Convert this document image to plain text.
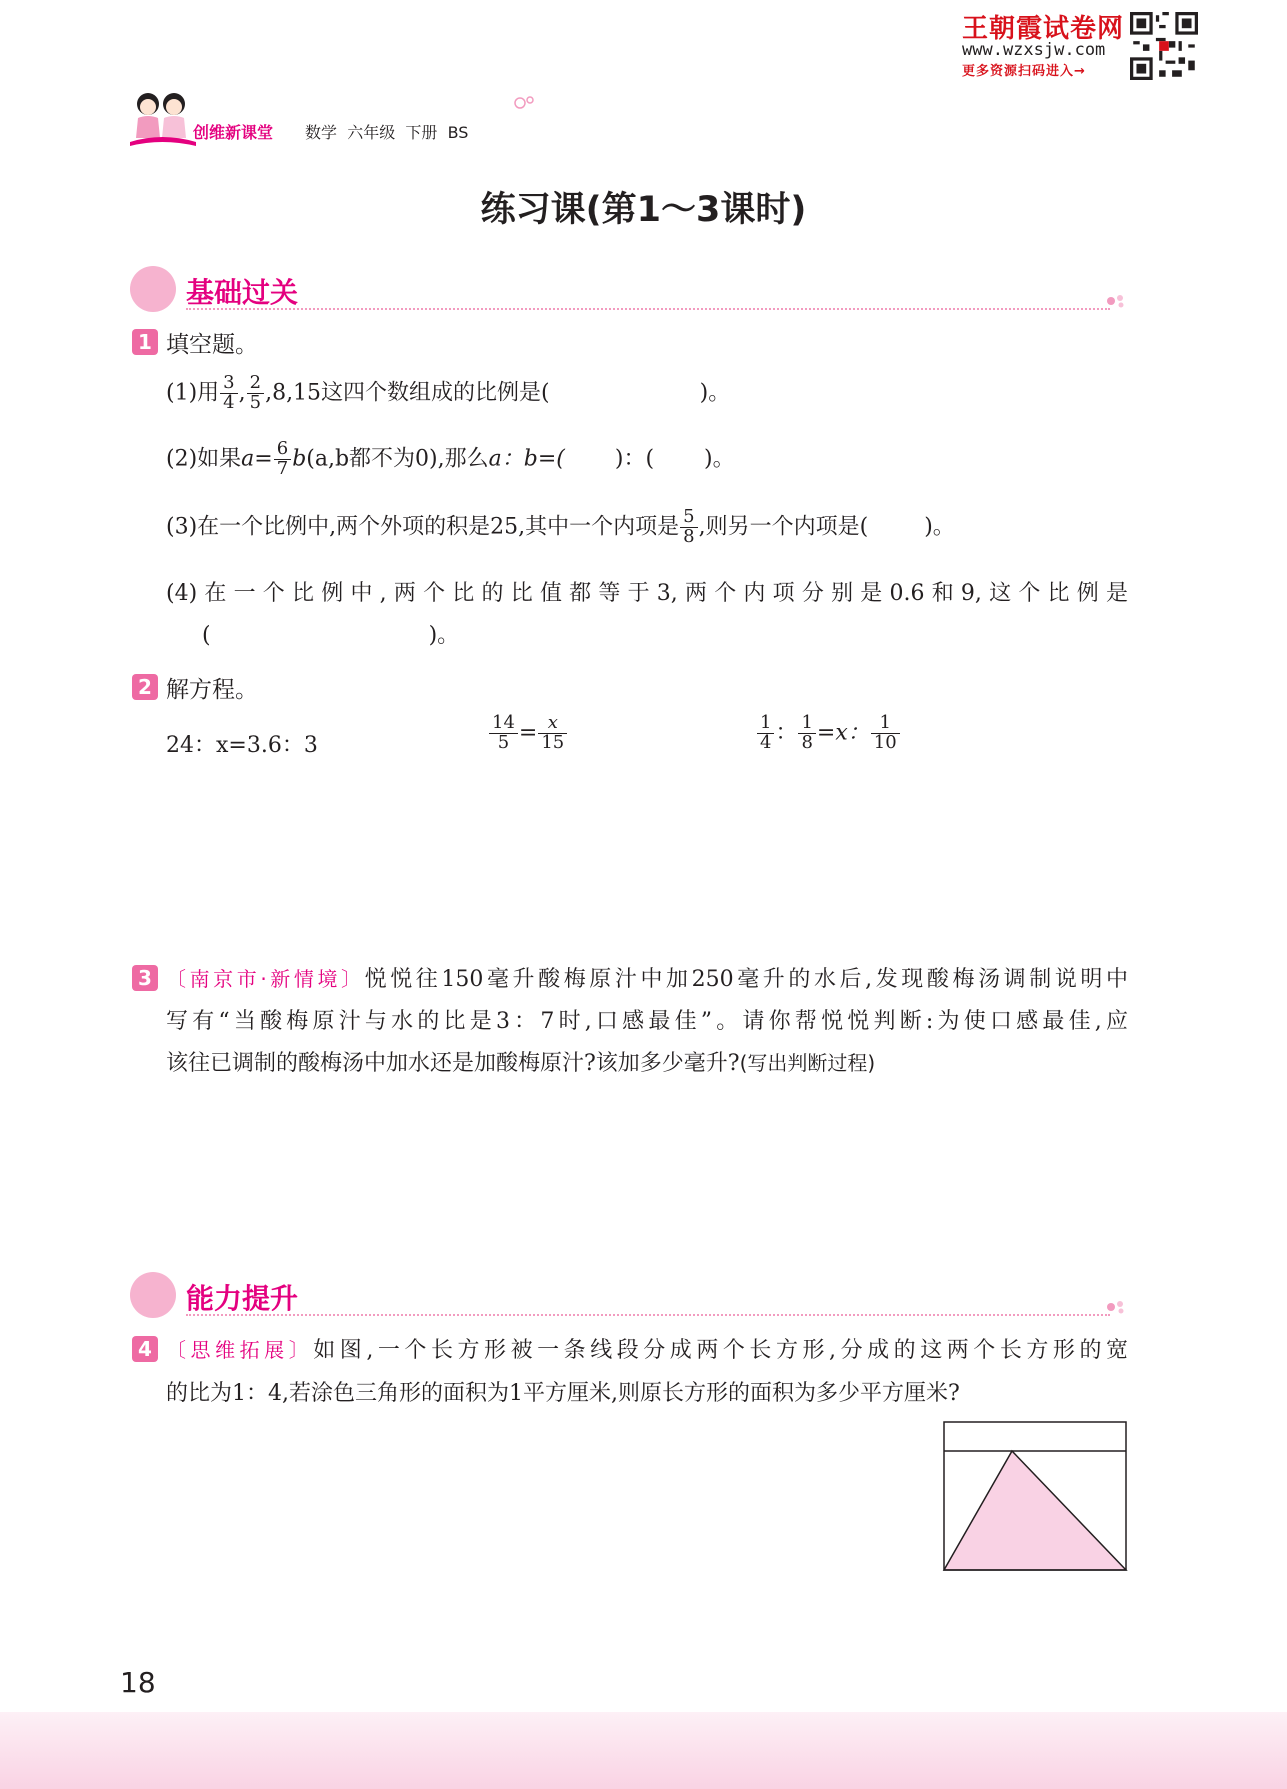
王朝霞试卷网
www.wzxsjw.com
更多资源扫码进入→
创维新课堂 数学 六年级 下册 BS
练习课(第1～3课时)
基础过关
1 填空题。
(1)用 $\frac{3}{4}$ , $\frac{2}{5} ,8,15$这四个数组成的比例是(	)。
(2)如果$a= \frac{6}{7} b(a,b$都不为0),那么a：b=( )：( )。
(3)在一个比例中,两个外项的积是25,其中一个内项是 $\frac{5}{8}$ ,则另一个内项是(	)。
(4)在一个比例中,两个比的比值都等于3,两个内项分别是0.6和9,这个比例是
(	)。
2 解方程。
24：x=3.6：3	$\frac{14}{5} = \frac{x}{15}$	$\frac{1}{4}$ ： $\frac{1}{8} =x$： $\frac{1}{10}$
3 〔南京市·新情境〕悦悦往150毫升酸梅原汁中加250毫升的水后,发现酸梅汤调制说明中
写有“当酸梅原汁与水的比是3：7时,口感最佳”。请你帮悦悦判断:为使口感最佳,应
该往已调制的酸梅汤中加水还是加酸梅原汁?该加多少毫升?(写出判断过程)
能力提升
4 〔思维拓展〕如图,一个长方形被一条线段分成两个长方形,分成的这两个长方形的宽
的比为1：4,若涂色三角形的面积为1平方厘米,则原长方形的面积为多少平方厘米?
18
